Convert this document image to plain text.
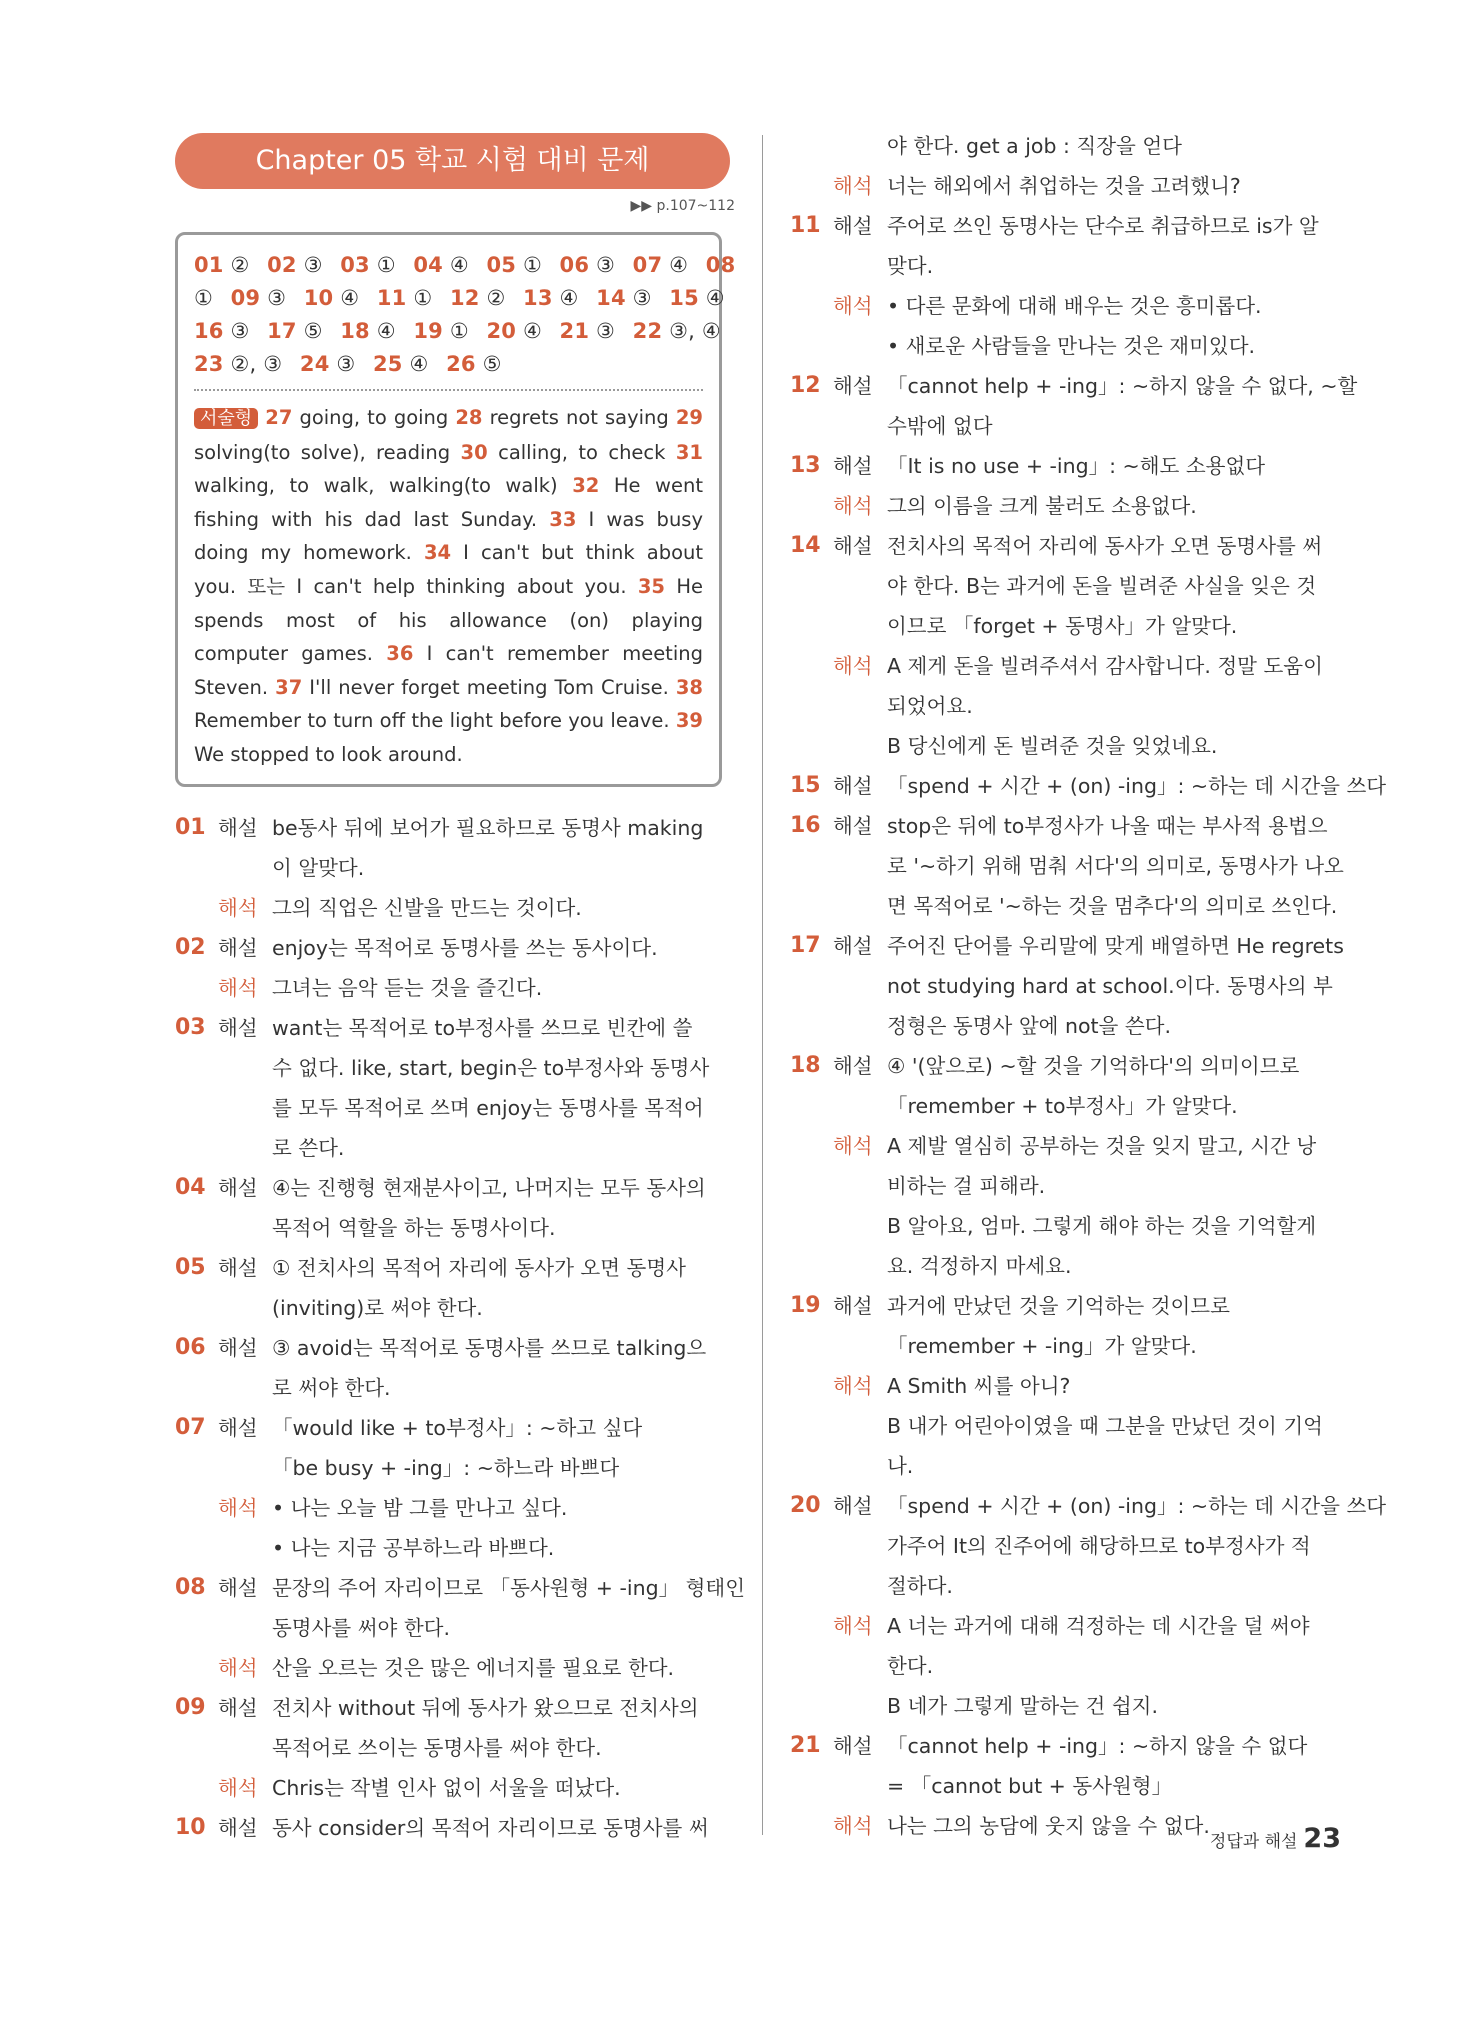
Chapter 05 학교 시험 대비 문제
▶▶ p.107~112
01 ②  02 ③  03 ①  04 ④  05 ①  06 ③  07 ④  08
①  09 ③  10 ④  11 ①  12 ②  13 ④  14 ③  15 ④
16 ③  17 ⑤  18 ④  19 ①  20 ④  21 ③  22 ③, ④
23 ②, ③  24 ③  25 ④  26 ⑤
서술형 27 going, to going 28 regrets not saying 29 solving(to solve), reading 30 calling, to check 31 walking, to walk, walking(to walk) 32 He went fishing with his dad last Sunday. 33 I was busy doing my homework. 34 I can't but think about you. 또는 I can't help thinking about you. 35 He spends most of his allowance (on) playing computer games. 36 I can't remember meeting Steven. 37 I'll never forget meeting Tom Cruise. 38 Remember to turn off the light before you leave. 39 We stopped to look around.
01 해설 be동사 뒤에 보어가 필요하므로 동명사 making
이 알맞다.
해석 그의 직업은 신발을 만드는 것이다.
02 해설 enjoy는 목적어로 동명사를 쓰는 동사이다.
해석 그녀는 음악 듣는 것을 즐긴다.
03 해설 want는 목적어로 to부정사를 쓰므로 빈칸에 쓸
수 없다. like, start, begin은 to부정사와 동명사
를 모두 목적어로 쓰며 enjoy는 동명사를 목적어
로 쓴다.
04 해설 ④는 진행형 현재분사이고, 나머지는 모두 동사의
목적어 역할을 하는 동명사이다.
05 해설 ① 전치사의 목적어 자리에 동사가 오면 동명사
(inviting)로 써야 한다.
06 해설 ③ avoid는 목적어로 동명사를 쓰므로 talking으
로 써야 한다.
07 해설 「would like + to부정사」: ~하고 싶다
「be busy + -ing」: ~하느라 바쁘다
해석 • 나는 오늘 밤 그를 만나고 싶다.
• 나는 지금 공부하느라 바쁘다.
08 해설 문장의 주어 자리이므로 「동사원형 + -ing」 형태인
동명사를 써야 한다.
해석 산을 오르는 것은 많은 에너지를 필요로 한다.
09 해설 전치사 without 뒤에 동사가 왔으므로 전치사의
목적어로 쓰이는 동명사를 써야 한다.
해석 Chris는 작별 인사 없이 서울을 떠났다.
10 해설 동사 consider의 목적어 자리이므로 동명사를 써
야 한다. get a job : 직장을 얻다
해석 너는 해외에서 취업하는 것을 고려했니?
11 해설 주어로 쓰인 동명사는 단수로 취급하므로 is가 알
맞다.
해석 • 다른 문화에 대해 배우는 것은 흥미롭다.
• 새로운 사람들을 만나는 것은 재미있다.
12 해설 「cannot help + -ing」: ~하지 않을 수 없다, ~할
수밖에 없다
13 해설 「It is no use + -ing」: ~해도 소용없다
해석 그의 이름을 크게 불러도 소용없다.
14 해설 전치사의 목적어 자리에 동사가 오면 동명사를 써
야 한다. B는 과거에 돈을 빌려준 사실을 잊은 것
이므로 「forget + 동명사」가 알맞다.
해석 A 제게 돈을 빌려주셔서 감사합니다. 정말 도움이
되었어요.
B 당신에게 돈 빌려준 것을 잊었네요.
15 해설 「spend + 시간 + (on) -ing」: ~하는 데 시간을 쓰다
16 해설 stop은 뒤에 to부정사가 나올 때는 부사적 용법으
로 '~하기 위해 멈춰 서다'의 의미로, 동명사가 나오
면 목적어로 '~하는 것을 멈추다'의 의미로 쓰인다.
17 해설 주어진 단어를 우리말에 맞게 배열하면 He regrets
not studying hard at school.이다. 동명사의 부
정형은 동명사 앞에 not을 쓴다.
18 해설 ④ '(앞으로) ~할 것을 기억하다'의 의미이므로
「remember + to부정사」가 알맞다.
해석 A 제발 열심히 공부하는 것을 잊지 말고, 시간 낭
비하는 걸 피해라.
B 알아요, 엄마. 그렇게 해야 하는 것을 기억할게
요. 걱정하지 마세요.
19 해설 과거에 만났던 것을 기억하는 것이므로
「remember + -ing」가 알맞다.
해석 A Smith 씨를 아니?
B 내가 어린아이였을 때 그분을 만났던 것이 기억
나.
20 해설 「spend + 시간 + (on) -ing」: ~하는 데 시간을 쓰다
가주어 It의 진주어에 해당하므로 to부정사가 적
절하다.
해석 A 너는 과거에 대해 걱정하는 데 시간을 덜 써야
한다.
B 네가 그렇게 말하는 건 쉽지.
21 해설 「cannot help + -ing」: ~하지 않을 수 없다
= 「cannot but + 동사원형」
해석 나는 그의 농담에 웃지 않을 수 없다.
정답과 해설 23
